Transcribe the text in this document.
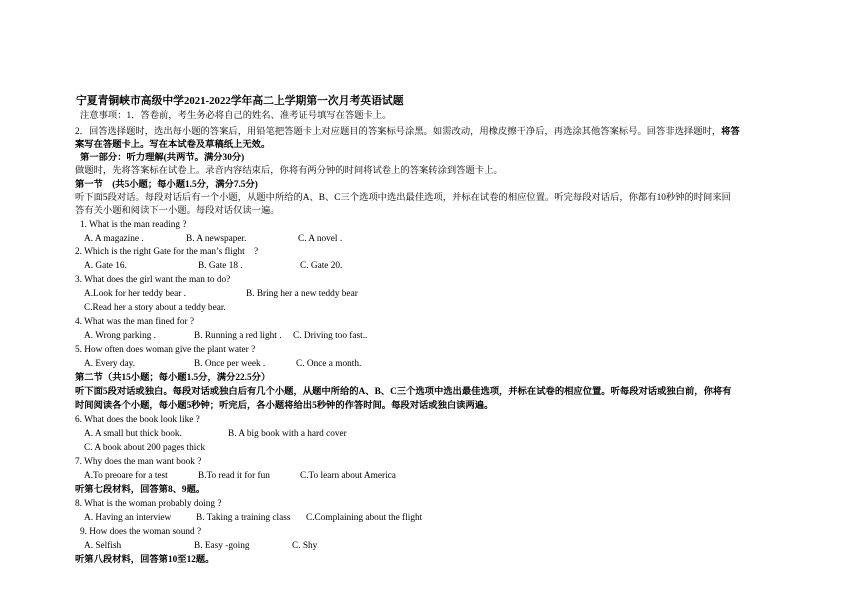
宁夏青铜峡市高级中学2021-2022学年高二上学期第一次月考英语试题
注意事项：1．答卷前，考生务必将自己的姓名、准考证号填写在答题卡上。
2．回答选择题时，选出每小题的答案后，用铅笔把答题卡上对应题目的答案标号涂黑。如需改动，用橡皮擦干净后，再选涂其他答案标号。回答非选择题时，将答
案写在答题卡上。写在本试卷及草稿纸上无效。
第一部分：听力理解(共两节。满分30分)
做题时，先将答案标在试卷上。录音内容结束后，你将有两分钟的时间将试卷上的答案转涂到答题卡上。
第一节　(共5小题；每小题1.5分，满分7.5分)
听下面5段对话。每段对话后有一个小题，从题中所给的A、B、C三个选项中选出最佳选项，并标在试卷的相应位置。听完每段对话后，你都有10秒钟的时间来回
答有关小题和阅读下一小题。每段对话仅读一遍。
1. What is the man reading ?
A. A magazine .	B. A newspaper.	C. A novel .
2. Which is the right Gate for the man’s flight　?
A. Gate 16.	B. Gate 18 .	C. Gate 20.
3. What does the girl want the man to do?
A.Look for her teddy bear .	B. Bring her a new teddy bear
C.Read her a story about a teddy bear.
4. What was the man fined for ?
A. Wrong parking .	B. Running a red light . C. Driving too fast..
5. How often does woman give the plant water ?
A. Every day.	B. Once per week .	C. Once a month.
第二节（共15小题；每小题1.5分，满分22.5分）
听下面5段对话或独白。每段对话或独白后有几个小题，从题中所给的A、B、C三个选项中选出最佳选项，并标在试卷的相应位置。听每段对话或独白前，你将有
时间阅读各个小题，每小题5秒钟；听完后，各小题将给出5秒钟的作答时间。每段对话或独白读两遍。
6. What does the book look like ?
A. A small but thick book.	B. A big book with a hard cover
C. A book about 200 pages thick
7. Why does the man want book ?
A.To preoare for a test	B.To read it for fun	C.To learn about America
听第七段材料，回答第8、9题。
8. What is the woman probably doing ?
A. Having an interview	B. Taking a training class C.Complaining about the flight
9. How does the woman sound ?
A. Selfish	B. Easy -going	C. Shy
听第八段材料，回答第10至12题。
